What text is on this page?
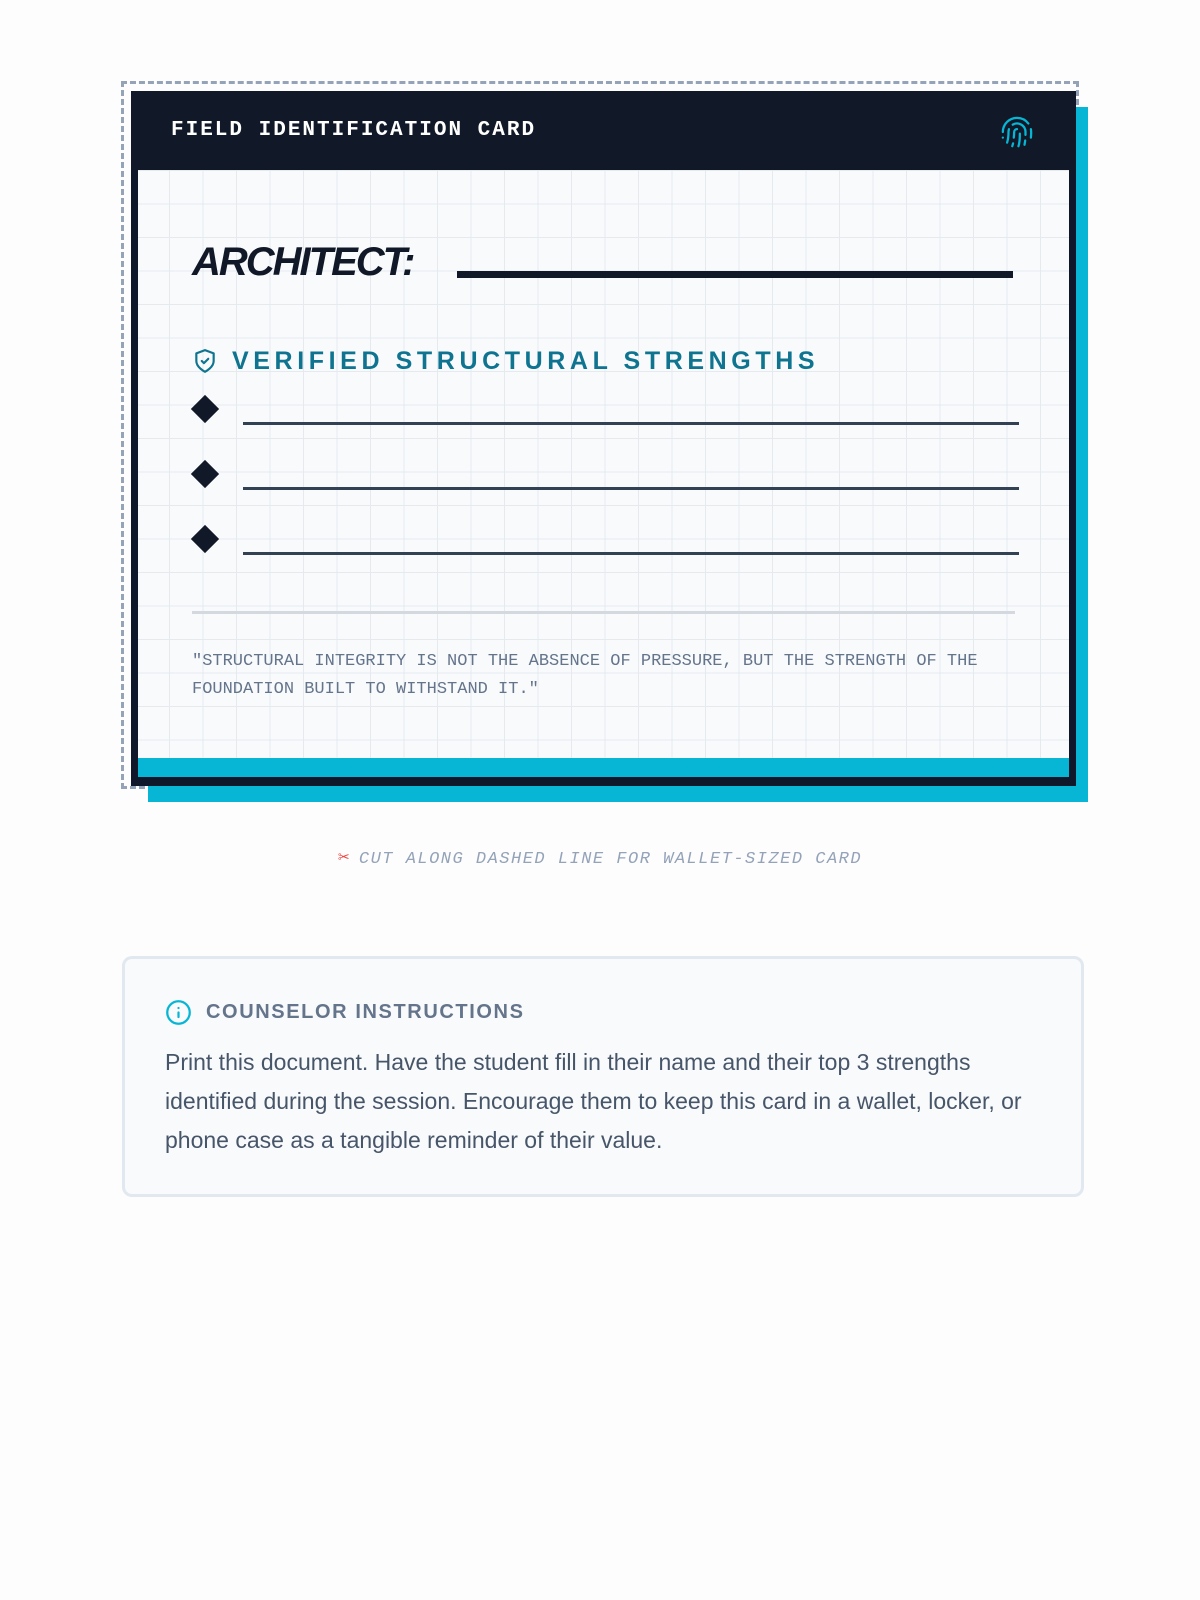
FIELD IDENTIFICATION CARD
ARCHITECT:
VERIFIED STRUCTURAL STRENGTHS
"STRUCTURAL INTEGRITY IS NOT THE ABSENCE OF PRESSURE, BUT THE STRENGTH OF THE FOUNDATION BUILT TO WITHSTAND IT."
✂ CUT ALONG DASHED LINE FOR WALLET-SIZED CARD
COUNSELOR INSTRUCTIONS
Print this document. Have the student fill in their name and their top 3 strengths identified during the session. Encourage them to keep this card in a wallet, locker, or phone case as a tangible reminder of their value.
